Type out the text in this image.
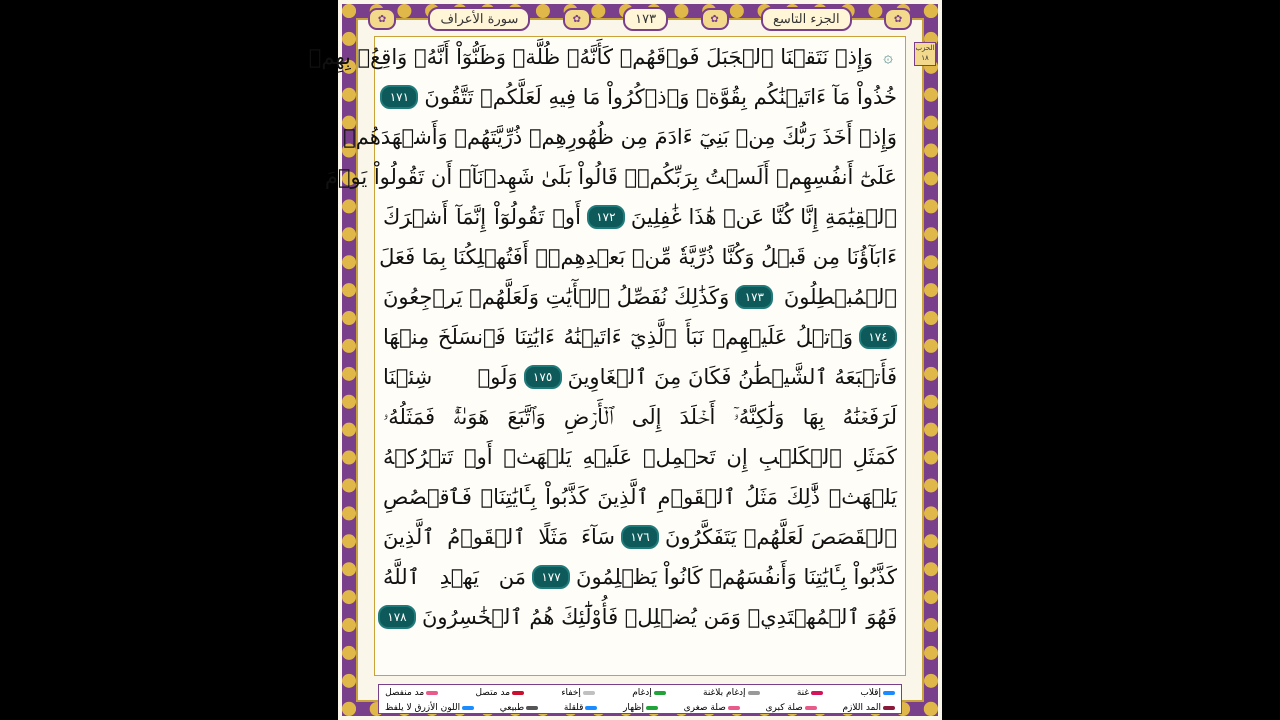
✿
الجزء التاسع
✿
١٧٣
✿
سورة الأعراف
✿
الحزب ١٨
۞
وَإِذۡ نَتَقۡنَا ٱلۡجَبَلَ فَوۡقَهُمۡ كَأَنَّهُۥ ظُلَّةٞ وَظَنُّوٓاْ أَنَّهُۥ وَاقِعُۢ بِهِمۡ
خُذُواْ مَآ ءَاتَيۡنَٰكُم بِقُوَّةٖ وَٱذۡكُرُواْ مَا فِيهِ لَعَلَّكُمۡ تَتَّقُونَ
١٧١
وَإِذۡ أَخَذَ رَبُّكَ مِنۢ بَنِيٓ ءَادَمَ مِن ظُهُورِهِمۡ ذُرِّيَّتَهُمۡ وَأَشۡهَدَهُمۡ
عَلَىٰٓ أَنفُسِهِمۡ أَلَسۡتُ بِرَبِّكُمۡۖ قَالُواْ بَلَىٰ شَهِدۡنَآۚ أَن تَقُولُواْ يَوۡمَ
ٱلۡقِيَٰمَةِ إِنَّا كُنَّا عَنۡ هَٰذَا غَٰفِلِينَ
١٧٢
أَوۡ تَقُولُوٓاْ إِنَّمَآ أَشۡرَكَ
ءَابَآؤُنَا مِن قَبۡلُ وَكُنَّا ذُرِّيَّةٗ مِّنۢ بَعۡدِهِمۡۖ أَفَتُهۡلِكُنَا بِمَا فَعَلَ
ٱلۡمُبۡطِلُونَ
١٧٣
وَكَذَٰلِكَ نُفَصِّلُ ٱلۡأٓيَٰتِ وَلَعَلَّهُمۡ يَرۡجِعُونَ
١٧٤
وَٱتۡلُ عَلَيۡهِمۡ نَبَأَ ٱلَّذِيٓ ءَاتَيۡنَٰهُ ءَايَٰتِنَا فَٱنسَلَخَ مِنۡهَا
فَأَتۡبَعَهُ ٱلشَّيۡطَٰنُ فَكَانَ مِنَ ٱلۡغَاوِينَ
١٧٥
وَلَوۡ شِئۡنَا
لَرَفَعۡنَٰهُ بِهَا وَلَٰكِنَّهُۥٓ أَخۡلَدَ إِلَى ٱلۡأَرۡضِ وَٱتَّبَعَ هَوَىٰهُۚ فَمَثَلُهُۥ
كَمَثَلِ ٱلۡكَلۡبِ إِن تَحۡمِلۡ عَلَيۡهِ يَلۡهَثۡ أَوۡ تَتۡرُكۡهُ
يَلۡهَثۚ ذَّٰلِكَ مَثَلُ ٱلۡقَوۡمِ ٱلَّذِينَ كَذَّبُواْ بِـَٔايَٰتِنَاۚ فَٱقۡصُصِ
ٱلۡقَصَصَ لَعَلَّهُمۡ يَتَفَكَّرُونَ
١٧٦
سَآءَ مَثَلًا ٱلۡقَوۡمُ ٱلَّذِينَ
كَذَّبُواْ بِـَٔايَٰتِنَا وَأَنفُسَهُمۡ كَانُواْ يَظۡلِمُونَ
١٧٧
مَن يَهۡدِ ٱللَّهُ
فَهُوَ ٱلۡمُهۡتَدِيۖ وَمَن يُضۡلِلۡ فَأُوْلَٰٓئِكَ هُمُ ٱلۡخَٰسِرُونَ
١٧٨
إقلاب
غنة
إدغام بلاغنة
إدغام
إخفاء
مد متصل
مد منفصل
المد اللازم
صلة كبرى
صلة صغرى
إظهار
قلقلة
طبيعي
اللون الأزرق لا يلفظ
